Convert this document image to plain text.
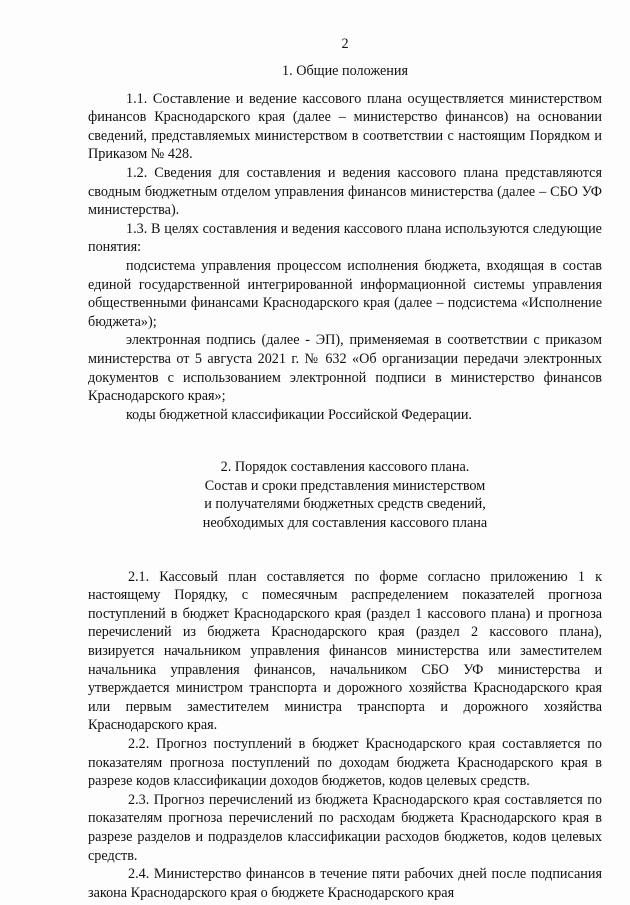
2
1. Общие положения

1.1. Составление и ведение кассового плана осуществляется министерством финансов Краснодарского края (далее – министерство финансов) на основании сведений, представляемых министерством в соответствии с настоящим Порядком и Приказом № 428.

1.2. Сведения для составления и ведения кассового плана представляются сводным бюджетным отделом управления финансов министерства (далее – СБО УФ министерства).

1.3. В целях составления и ведения кассового плана используются следующие понятия:

подсистема управления процессом исполнения бюджета, входящая в состав единой государственной интегрированной информационной системы управления общественными финансами Краснодарского края (далее – подсистема «Исполнение бюджета»);

электронная подпись (далее - ЭП), применяемая в соответствии с приказом министерства от 5 августа 2021 г. № 632 «Об организации передачи электронных документов с использованием электронной подписи в министерство финансов Краснодарского края»;

коды бюджетной классификации Российской Федерации.

2. Порядок составления кассового плана.
Состав и сроки представления министерством
и получателями бюджетных средств сведений,
необходимых для составления кассового плана

2.1. Кассовый план составляется по форме согласно приложению 1 к настоящему Порядку, с помесячным распределением показателей прогноза поступлений в бюджет Краснодарского края (раздел 1 кассового плана) и прогноза перечислений из бюджета Краснодарского края (раздел 2 кассового плана), визируется начальником управления финансов министерства или заместителем начальника управления финансов, начальником СБО УФ министерства и утверждается министром транспорта и дорожного хозяйства Краснодарского края или первым заместителем министра транспорта и дорожного хозяйства Краснодарского края.

2.2. Прогноз поступлений в бюджет Краснодарского края составляется по показателям прогноза поступлений по доходам бюджета Краснодарского края в разрезе кодов классификации доходов бюджетов, кодов целевых средств.

2.3. Прогноз перечислений из бюджета Краснодарского края составляется по показателям прогноза перечислений по расходам бюджета Краснодарского края в разрезе разделов и подразделов классификации расходов бюджетов, кодов целевых средств.

2.4. Министерство финансов в течение пяти рабочих дней после подписания закона Краснодарского края о бюджете Краснодарского края
